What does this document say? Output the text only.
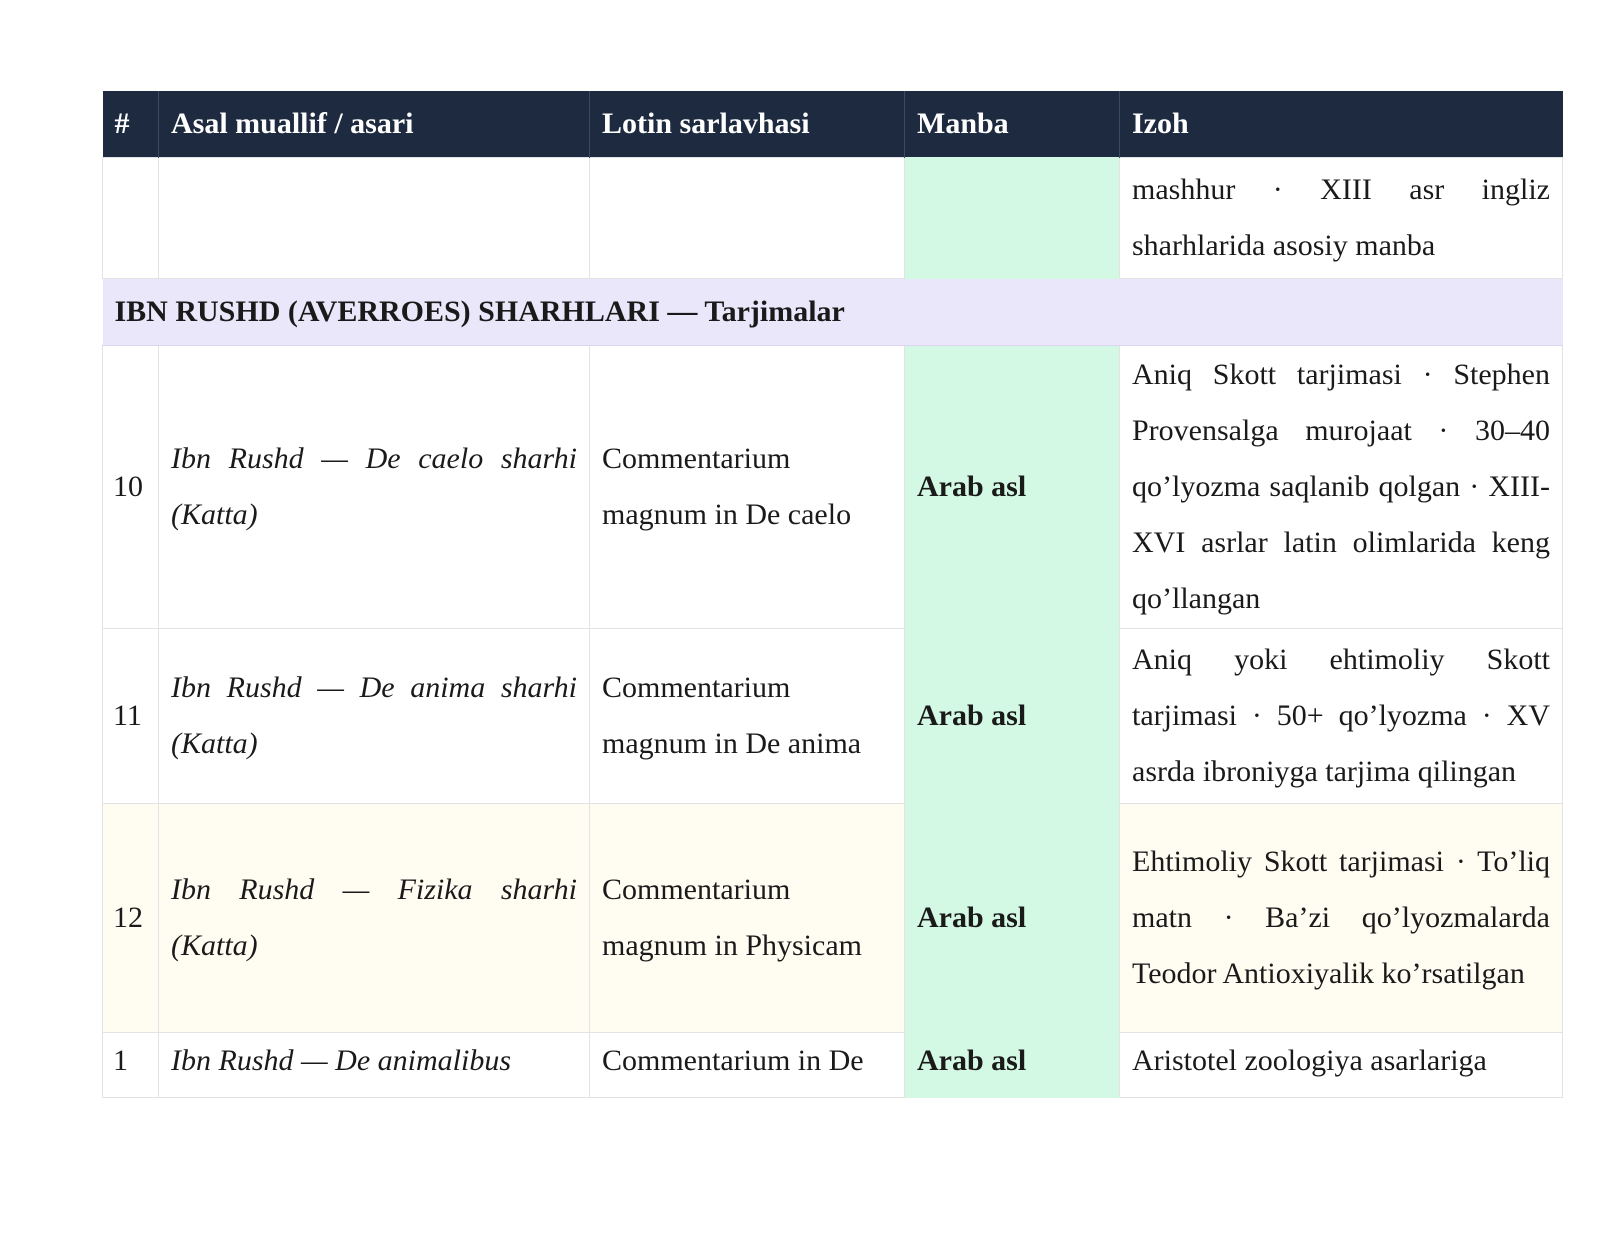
#	Asal muallif / asari	Lotin sarlavhasi	Manba	Izoh
				mashhur · XIII asr ingliz sharhlarida asosiy manba
IBN RUSHD (AVERROES) SHARHLARI — Tarjimalar				
10	Ibn Rushd — De caelo sharhi (Katta)	Commentarium magnum in De caelo	Arab asl	Aniq Skott tarjimasi · Stephen Provensalga murojaat · 30–40 qo’lyozma saqlanib qolgan · XIII-XVI asrlar latin olimlarida keng qo’llangan
11	Ibn Rushd — De anima sharhi (Katta)	Commentarium magnum in De anima	Arab asl	Aniq yoki ehtimoliy Skott tarjimasi · 50+ qo’lyozma · XV asrda ibroniyga tarjima qilingan
12	Ibn Rushd — Fizika sharhi (Katta)	Commentarium magnum in Physicam	Arab asl	Ehtimoliy Skott tarjimasi · To’liq matn · Ba’zi qo’lyozmalarda Teodor Antioxiyalik ko’rsatilgan
1	Ibn Rushd — De animalibus	Commentarium in De	Arab asl	Aristotel zoologiya asarlariga
